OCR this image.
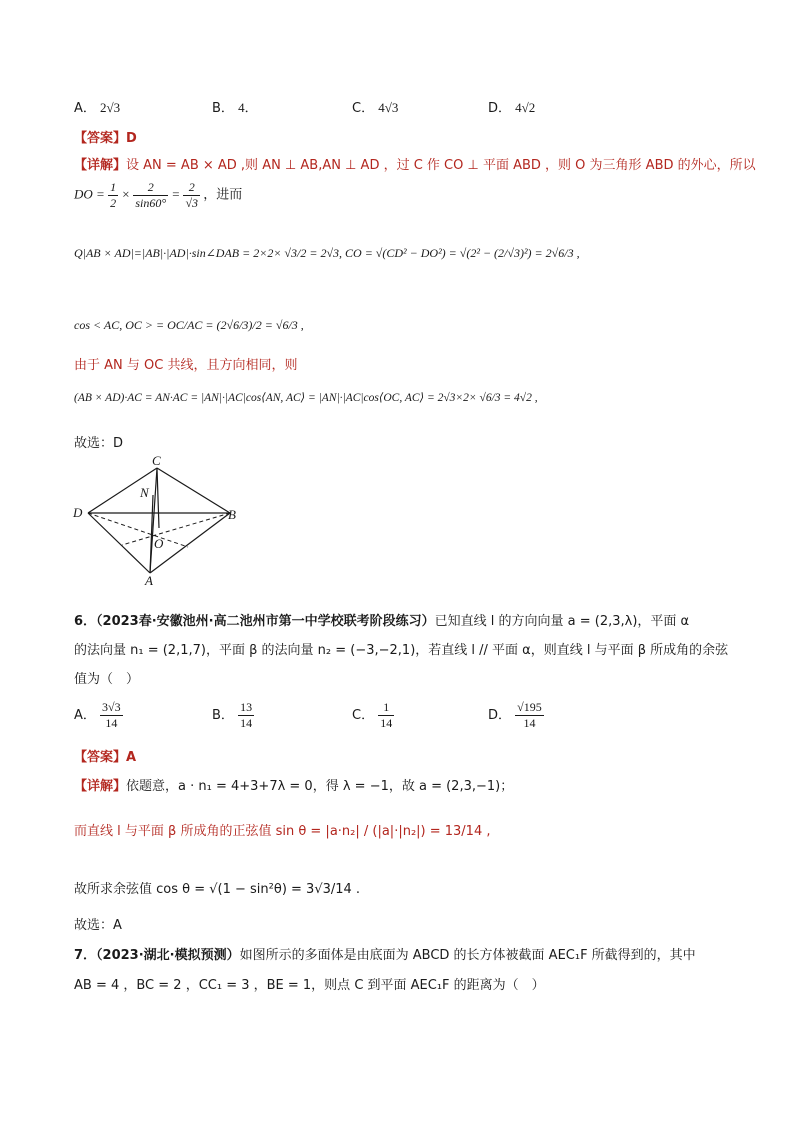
A． 2√3	B． 4．	C． 4√3	D． 4√2
【答案】D
【详解】设 AN = AB × AD ,则 AN ⊥ AB,AN ⊥ AD ，过 C 作 CO ⊥ 平面 ABD ，则 O 为三角形 ABD 的外心，所以
DO = $\frac{1}{2} \times \frac{2}{\sin 60^\circ} = \frac{2}{√3}$ ，进而
Q|AB × AD|=|AB|·|AD|·sin∠DAB = 2×2× √3/2 = 2√3, CO = √(CD² − DO²) = √(2² − (2/√3)²) = 2√6/3 ,
cos < AC, OC > = OC/AC = (2√6/3)/2 = √6/3 ,
由于 AN 与 OC 共线，且方向相同，则
(AB × AD)·AC = AN·AC = |AN|·|AC|cos⟨AN, AC⟩ = |AN|·|AC|cos⟨OC, AC⟩ = 2√3×2× √6/3 = 4√2 ,
故选：D
C
N
D	B
O
A
6．（2023春·安徽池州·高二池州市第一中学校联考阶段练习）已知直线 l 的方向向量 a = (2,3,λ)，平面 α
的法向量 n₁ = (2,1,7)，平面 β 的法向量 n₂ = (−3,−2,1)，若直线 l // 平面 α，则直线 l 与平面 β 所成角的余弦
值为（　）
A． $\frac{3√3}{14}$	B． $\frac{13}{14}$	C． $\frac{1}{14}$	D． $\frac{√195}{14}$
【答案】A
【详解】依题意，a · n₁ = 4+3+7λ = 0，得 λ = −1，故 a = (2,3,−1)；
而直线 l 与平面 β 所成角的正弦值 sin θ = |a·n₂| / (|a|·|n₂|) = 13/14 ,
故所求余弦值 cos θ = √(1 − sin²θ) = 3√3/14 .
故选：A
7．（2023·湖北·模拟预测）如图所示的多面体是由底面为 ABCD 的长方体被截面 AEC₁F 所截得到的，其中
AB = 4 ，BC = 2 ，CC₁ = 3 ，BE = 1，则点 C 到平面 AEC₁F 的距离为（　）
